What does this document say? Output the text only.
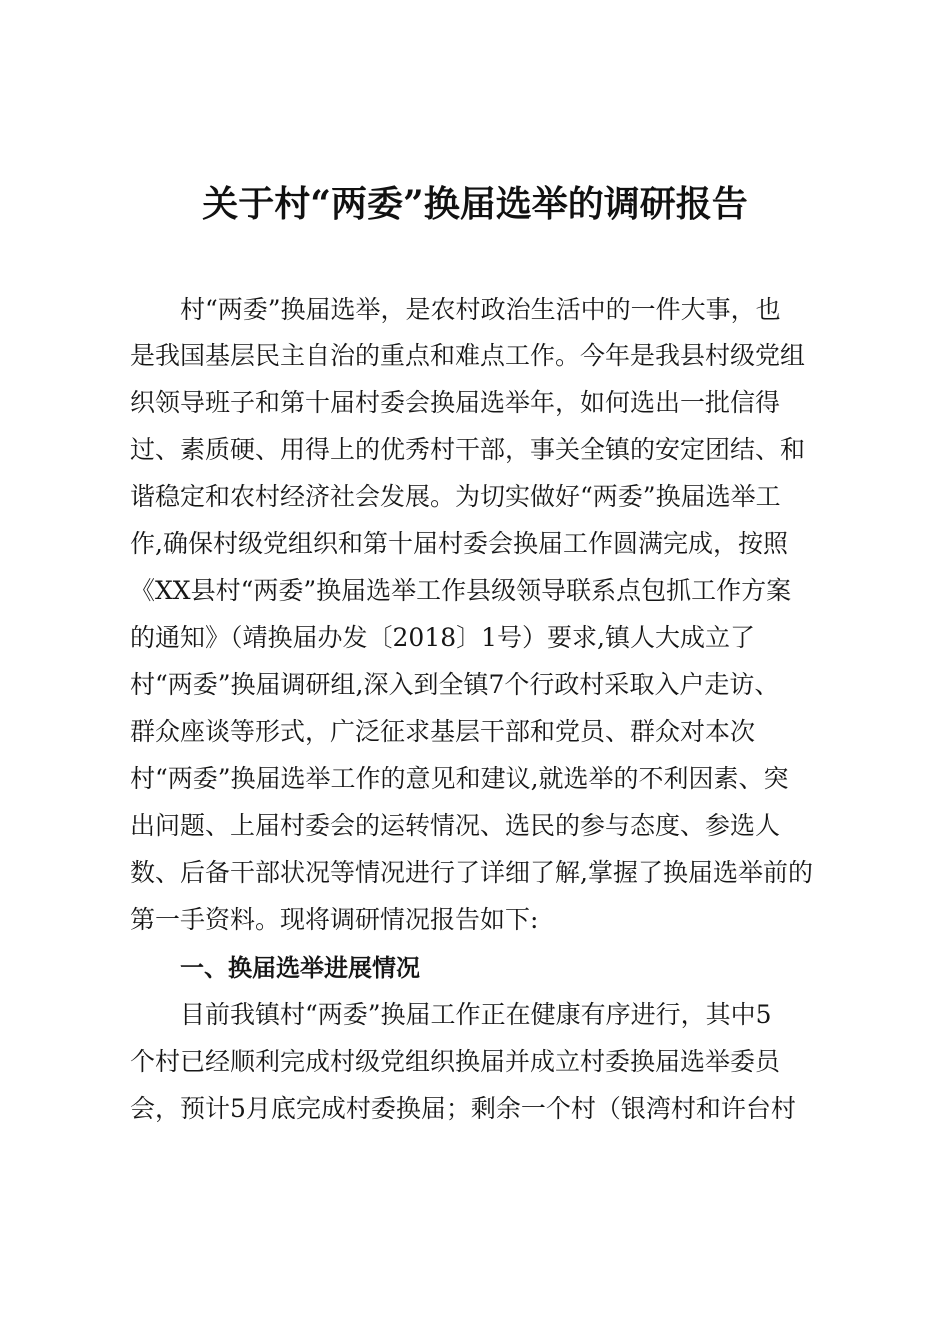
关于村“两委”换届选举的调研报告
村“两委”换届选举，是农村政治生活中的一件大事，也
是我国基层民主自治的重点和难点工作。今年是我县村级党组
织领导班子和第十届村委会换届选举年，如何选出一批信得
过、素质硬、用得上的优秀村干部，事关全镇的安定团结、和
谐稳定和农村经济社会发展。为切实做好“两委”换届选举工
作,确保村级党组织和第十届村委会换届工作圆满完成，按照
《XX县村“两委”换届选举工作县级领导联系点包抓工作方案
的通知》（靖换届办发〔2018〕1号）要求,镇人大成立了
村“两委”换届调研组,深入到全镇7个行政村采取入户走访、
群众座谈等形式，广泛征求基层干部和党员、群众对本次
村“两委”换届选举工作的意见和建议,就选举的不利因素、突
出问题、上届村委会的运转情况、选民的参与态度、参选人
数、后备干部状况等情况进行了详细了解,掌握了换届选举前的
第一手资料。现将调研情况报告如下:
一、换届选举进展情况
目前我镇村“两委”换届工作正在健康有序进行，其中5
个村已经顺利完成村级党组织换届并成立村委换届选举委员
会，预计5月底完成村委换届；剩余一个村（银湾村和许台村
